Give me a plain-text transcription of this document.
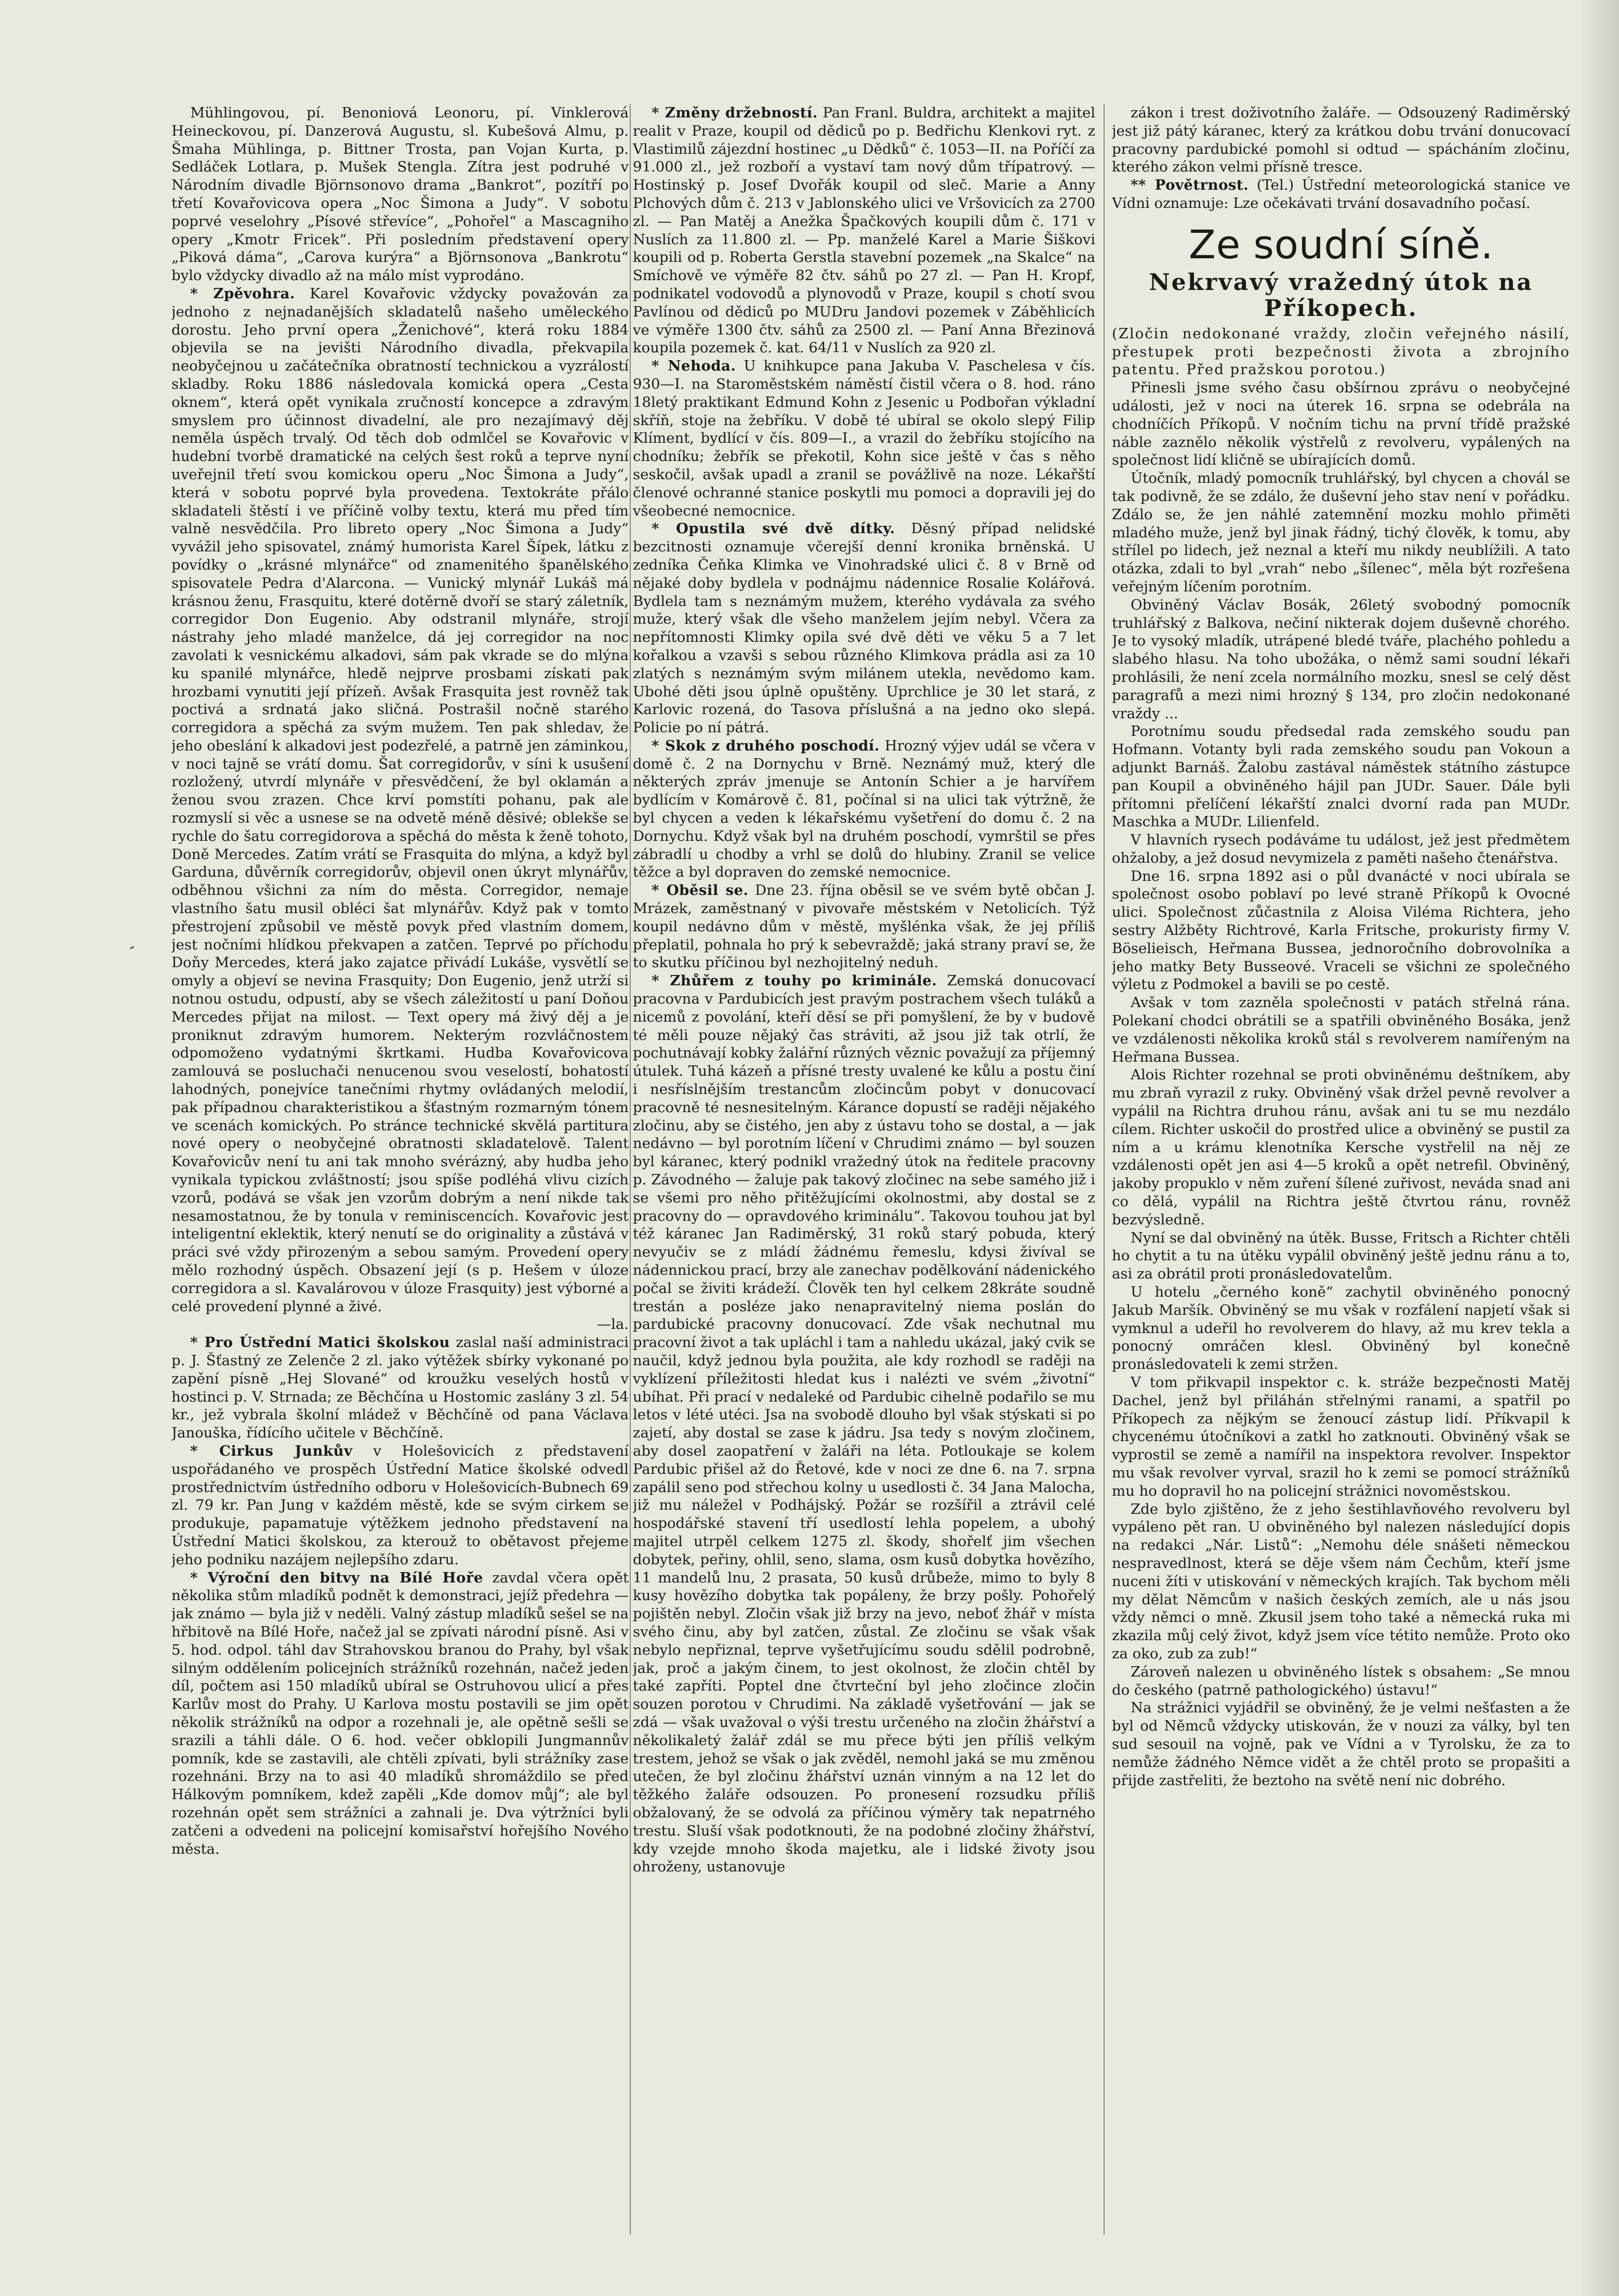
Mühlingovou, pí. Benoniová Leonoru, pí. Vinklerová Heineckovou, pí. Danzerová Augustu, sl. Kubešová Almu, p. Šmaha Mühlinga, p. Bittner Trosta, pan Vojan Kurta, p. Sedláček Lotlara, p. Mušek Stengla. Zítra jest podruhé v Národním divadle Björnsonovo drama „Bankrot“, pozítří po třetí Kovařovicova opera „Noc Šimona a Judy“. V sobotu poprvé veselohry „Písové střevíce“, „Pohořel“ a Mascagniho opery „Kmotr Fricek“. Při posledním představení opery „Piková dáma“, „Carova kurýra“ a Björnsonova „Bankrotu“ bylo vždycky divadlo až na málo míst vyprodáno.

* Zpěvohra. Karel Kovařovic vždycky považován za jednoho z nejnadanějších skladatelů našeho uměleckého dorostu. Jeho první opera „Ženichové“, která roku 1884 objevila se na jevišti Národního divadla, překvapila neobyčejnou u začátečníka obratností technickou a vyzrálostí skladby. Roku 1886 následovala komická opera „Cesta oknem“, která opět vynikala zručností koncepce a zdravým smyslem pro účinnost divadelní, ale pro nezajímavý děj neměla úspěch trvalý. Od těch dob odmlčel se Kovařovic v hudební tvorbě dramatické na celých šest roků a teprve nyní uveřejnil třetí svou komickou operu „Noc Šimona a Judy“, která v sobotu poprvé byla provedena. Textokráte přálo skladateli štěstí i ve příčině volby textu, která mu před tím valně nesvědčila. Pro libreto opery „Noc Šimona a Judy“ vyvážil jeho spisovatel, známý humorista Karel Šípek, látku z povídky o „krásné mlynářce“ od znamenitého španělského spisovatele Pedra d'Alarcona. — Vunický mlynář Lukáš má krásnou ženu, Frasquitu, které dotěrně dvoří se starý záletník, corregidor Don Eugenio. Aby odstranil mlynáře, strojí nástrahy jeho mladé manželce, dá jej corregidor na noc zavolati k vesnickému alkadovi, sám pak vkrade se do mlýna ku spanilé mlynářce, hledě nejprve prosbami získati pak hrozbami vynutiti její přízeň. Avšak Frasquita jest rovněž tak poctivá a srdnatá jako sličná. Postrašil nočně starého corregidora a spěchá za svým mužem. Ten pak shledav, že jeho obeslání k alkadovi jest podezřelé, a patrně jen záminkou, v noci tajně se vrátí domu. Šat corregidorův, v síni k usušení rozložený, utvrdí mlynáře v přesvědčení, že byl oklamán a ženou svou zrazen. Chce krví pomstíti pohanu, pak ale rozmyslí si věc a usnese se na odvetě méně děsivé; oblekše se rychle do šatu corregidorova a spěchá do města k ženě tohoto, Doně Mercedes. Zatím vrátí se Frasquita do mlýna, a když byl Garduna, důvěrník corregidorův, objevil onen úkryt mlynářův, odběhnou všichni za ním do města. Corregidor, nemaje vlastního šatu musil obléci šat mlynářův. Když pak v tomto přestrojení způsobil ve městě povyk před vlastním domem, jest nočními hlídkou překvapen a zatčen. Teprvé po příchodu Doňy Mercedes, která jako zajatce přivádí Lukáše, vysvětlí se omyly a objeví se nevina Frasquity; Don Eugenio, jenž utrží si notnou ostudu, odpustí, aby se všech záležitostí u paní Doňou Mercedes přijat na milost. — Text opery má živý děj a je proniknut zdravým humorem. Nekterým rozvláčnostem odpomoženo vydatnými škrtkami. Hudba Kovařovicova zamlouvá se posluchači nenucenou svou veselostí, bohatostí lahodných, ponejvíce tanečními rhytmy ovládaných melodií, pak případnou charakteristikou a šťastným rozmarným tónem ve scenách komických. Po stránce technické skvělá partitura nové opery o neobyčejné obratnosti skladatelově. Talent Kovařovicův není tu ani tak mnoho svérázný, aby hudba jeho vynikala typickou zvláštností; jsou spíše podléhá vlivu cizích vzorů, podává se však jen vzorům dobrým a není nikde tak nesamostatnou, že by tonula v reminiscencích. Kovařovic jest inteligentní eklektik, který nenutí se do originality a zůstává v práci své vždy přirozeným a sebou samým. Provedení opery mělo rozhodný úspěch. Obsazení její (s p. Hešem v úloze corregidora a sl. Kavalárovou v úloze Frasquity) jest výborné a celé provedení plynné a živé.

—la.

* Pro Ústřední Matici školskou zaslal naší administraci p. J. Šťastný ze Zelenče 2 zl. jako výtěžek sbírky vykonané po zapění písně „Hej Slované“ od kroužku veselých hostů v hostinci p. V. Strnada; ze Běchčína u Hostomic zaslány 3 zl. 54 kr., jež vybrala školní mládež v Běchčíně od pana Václava Janouška, řídícího učitele v Běchčíně.

* Cirkus Junkův v Holešovicích z představení uspořádaného ve prospěch Ústřední Matice školské odvedl prostřednictvím ústředního odboru v Holešovicích-Bubnech 69 zl. 79 kr. Pan Jung v každém městě, kde se svým cirkem se produkuje, papamatuje výtěžkem jednoho představení na Ústřední Matici školskou, za kterouž to obětavost přejeme jeho podniku nazájem nejlepšího zdaru.

* Výroční den bitvy na Bílé Hoře zavdal včera opět několika stům mladíků podnět k demonstraci, jejíž předehra — jak známo — byla již v neděli. Valný zástup mladíků sešel se na hřbitově na Bílé Hoře, načež jal se zpívati národní písně. Asi v 5. hod. odpol. táhl dav Strahovskou branou do Prahy, byl však silným oddělením policejních strážníků rozehnán, načež jeden díl, počtem asi 150 mladíků ubíral se Ostruhovou ulicí a přes Karlův most do Prahy. U Karlova mostu postavili se jim opět několik strážníků na odpor a rozehnali je, ale opětně sešli se srazili a táhli dále. O 6. hod. večer obklopili Jungmannův pomník, kde se zastavili, ale chtěli zpívati, byli strážníky zase rozehnáni. Brzy na to asi 40 mladíků shromáždilo se před Hálkovým pomníkem, kdež zapěli „Kde domov můj“; ale byl rozehnán opět sem strážníci a zahnali je. Dva výtržníci byli zatčeni a odvedeni na policejní komisařství hořejšího Nového města.

* Změny držebností. Pan Franl. Buldra, architekt a majitel realit v Praze, koupil od dědiců po p. Bedřichu Klenkovi ryt. z Vlastimilů zájezdní hostinec „u Dědků“ č. 1053—II. na Poříčí za 91.000 zl., jež rozboří a vystaví tam nový dům třípatrový. — Hostinský p. Josef Dvořák koupil od sleč. Marie a Anny Plchových dům č. 213 v Jablonského ulici ve Vršovicích za 2700 zl. — Pan Matěj a Anežka Špačkových koupili dům č. 171 v Nuslích za 11.800 zl. — Pp. manželé Karel a Marie Šiškovi koupili od p. Roberta Gerstla stavební pozemek „na Skalce“ na Smíchově ve výměře 82 čtv. sáhů po 27 zl. — Pan H. Kropf, podnikatel vodovodů a plynovodů v Praze, koupil s chotí svou Pavlínou od dědiců po MUDru Jandovi pozemek v Záběhlicích ve výměře 1300 čtv. sáhů za 2500 zl. — Paní Anna Březinová koupila pozemek č. kat. 64/11 v Nuslích za 920 zl.

* Nehoda. U knihkupce pana Jakuba V. Paschelesa v čís. 930—I. na Staroměstském náměstí čistil včera o 8. hod. ráno 18letý praktikant Edmund Kohn z Jesenic u Podbořan výkladní skříň, stoje na žebříku. V době té ubíral se okolo slepý Filip Klíment, bydlící v čís. 809—I., a vrazil do žebříku stojícího na chodníku; žebřík se překotil, Kohn sice ještě v čas s něho seskočil, avšak upadl a zranil se povážlivě na noze. Lékařští členové ochranné stanice poskytli mu pomoci a dopravili jej do všeobecné nemocnice.

* Opustila své dvě dítky. Děsný případ nelidské bezcitnosti oznamuje včerejší denní kronika brněnská. U zedníka Čeňka Klimka ve Vinohradské ulici č. 8 v Brně od nějaké doby bydlela v podnájmu nádennice Rosalie Kolářová. Bydlela tam s neznámým mužem, kterého vydávala za svého muže, který však dle všeho manželem jejím nebyl. Včera za nepřítomnosti Klimky opila své dvě děti ve věku 5 a 7 let kořalkou a vzavši s sebou různého Klimkova prádla asi za 10 zlatých s neznámým svým milánem utekla, nevědomo kam. Ubohé děti jsou úplně opuštěny. Uprchlice je 30 let stará, z Karlovic rozená, do Tasova příslušná a na jedno oko slepá. Policie po ní pátrá.

* Skok z druhého poschodí. Hrozný výjev udál se včera v domě č. 2 na Dornychu v Brně. Neznámý muž, který dle některých zpráv jmenuje se Antonín Schier a je harvířem bydlícím v Komárově č. 81, počínal si na ulici tak výtržně, že byl chycen a veden k lékařskému vyšetření do domu č. 2 na Dornychu. Když však byl na druhém poschodí, vymrštil se přes zábradlí u chodby a vrhl se dolů do hlubiny. Zranil se velice těžce a byl dopraven do zemské nemocnice.

* Oběsil se. Dne 23. října oběsil se ve svém bytě občan J. Mrázek, zaměstnaný v pivovaře městském v Netolicích. Týž koupil nedávno dům v městě, myšlénka však, že jej příliš přeplatil, pohnala ho prý k sebevraždě; jaká strany praví se, že to skutku příčinou byl nezhojitelný neduh.

* Zhůřem z touhy po kriminále. Zemská donucovací pracovna v Pardubicích jest pravým postrachem všech tuláků a nicemů z povolání, kteří děsí se při pomyšlení, že by v budově té měli pouze nějaký čas stráviti, až jsou již tak otrlí, že pochutnávají kobky žalářní různých věznic považují za příjemný útulek. Tuhá kázeň a přísné tresty uvalené ke kůlu a postu činí i nesříslnějším trestancům zločincům pobyt v donucovací pracovně té nesnesitelným. Kárance dopustí se raději nějakého zločinu, aby se čistého, jen aby z ústavu toho se dostal, a — jak nedávno — byl porotním líčení v Chrudimi známo — byl souzen byl káranec, který podnikl vražedný útok na ředitele pracovny p. Závodného — žaluje pak takový zločinec na sebe samého již i se všemi pro něho přitěžujícími okolnostmi, aby dostal se z pracovny do — opravdového kriminálu“. Takovou touhou jat byl též káranec Jan Radiměrský, 31 roků starý pobuda, který nevyučiv se z mládí žádnému řemeslu, kdysi živíval se nádennickou prací, brzy ale zanechav podělkování nádenického počal se živiti krádeží. Člověk ten hyl celkem 28kráte soudně trestán a posléze jako nenapravitelný niema poslán do pardubické pracovny donucovací. Zde však nechutnal mu pracovní život a tak upláchl i tam a nahledu ukázal, jaký cvik se naučil, když jednou byla použita, ale kdy rozhodl se raději na vyklízení příležitosti hledat kus i nalézti ve svém „životní“ ubíhat. Při prací v nedaleké od Pardubic cihelně podařilo se mu letos v lété utéci. Jsa na svobodě dlouho byl však stýskati si po zajetí, aby dostal se zase k jádru. Jsa tedy s novým zločinem, aby dosel zaopatření v žaláři na léta. Potloukaje se kolem Pardubic přišel až do Řetové, kde v noci ze dne 6. na 7. srpna zapálil seno pod střechou kolny u usedlosti č. 34 Jana Malocha, již mu náležel v Podhájský. Požár se rozšířil a ztrávil celé hospodářské stavení tří usedlostí lehla popelem, a ubohý majitel utrpěl celkem 1275 zl. škody, shořelť jim všechen dobytek, peřiny, ohlil, seno, slama, osm kusů dobytka hovězího, 11 mandelů lnu, 2 prasata, 50 kusů drůbeže, mimo to byly 8 kusy hovězího dobytka tak popáleny, že brzy pošly. Pohořelý pojištěn nebyl. Zločin však již brzy na jevo, neboť žhář v místa svého činu, aby byl zatčen, zůstal. Ze zločinu se však však nebylo nepřiznal, teprve vyšetřujícímu soudu sdělil podrobně, jak, proč a jakým činem, to jest okolnost, že zločin chtěl by také zapříti. Poptel dne čtvrteční byl jeho zločince zločin souzen porotou v Chrudimi. Na základě vyšetřování — jak se zdá — však uvažoval o výši trestu určeného na zločin žhářství a několikaletý žalář zdál se mu přece býti jen příliš velkým trestem, jehož se však o jak zvěděl, nemohl jaká se mu změnou utečen, že byl zločinu žhářství uznán vinným a na 12 let do těžkého žaláře odsouzen. Po pronesení rozsudku příliš obžalovaný, že se odvolá za příčinou výměry tak nepatrného trestu. Sluší však podotknouti, že na podobné zločiny žhářství, kdy vzejde mnoho škoda majetku, ale i lidské životy jsou ohroženy, ustanovuje

zákon i trest doživotního žaláře. — Odsouzený Radiměrský jest již pátý káranec, který za krátkou dobu trvání donucovací pracovny pardubické pomohl si odtud — spácháním zločinu, kterého zákon velmi přísně tresce.

** Povětrnost. (Tel.) Ústřední meteorologická stanice ve Vídni oznamuje: Lze očekávati trvání dosavadního počasí.

Ze soudní síně.

Nekrvavý vražedný útok na Příkopech.

(Zločin nedokonané vraždy, zločin veřejného násilí, přestupek proti bezpečnosti života a zbrojního patentu. Před pražskou porotou.)

Přinesli jsme svého času obšírnou zprávu o neobyčejné události, jež v noci na úterek 16. srpna se odebrála na chodníčích Příkopů. V nočním tichu na první třídě pražské náble zaznělo několik výstřelů z revolveru, vypálených na společnost lidí kličně se ubírajících domů.

Útočník, mladý pomocník truhlářský, byl chycen a chovál se tak podivně, že se zdálo, že duševní jeho stav není v pořádku. Zdálo se, že jen náhlé zatemnění mozku mohlo přiměti mladého muže, jenž byl jinak řádný, tichý člověk, k tomu, aby střílel po lidech, jež neznal a kteří mu nikdy neublížili. A tato otázka, zdali to byl „vrah“ nebo „šílenec“, měla být rozřešena veřejným líčením porotním.

Obviněný Václav Bosák, 26letý svobodný pomocník truhlářský z Balkova, nečiní nikterak dojem duševně chorého. Je to vysoký mladík, utrápené bledé tváře, plachého pohledu a slabého hlasu. Na toho ubožáka, o němž sami soudní lékaři prohlásili, že není zcela normálního mozku, snesl se celý děst paragrafů a mezi nimi hrozný § 134, pro zločin nedokonané vraždy ...

Porotnímu soudu předsedal rada zemského soudu pan Hofmann. Votanty byli rada zemského soudu pan Vokoun a adjunkt Barnáš. Žalobu zastával náměstek státního zástupce pan Koupil a obviněného hájil pan JUDr. Sauer. Dále byli přítomni přelíčení lékařští znalci dvorní rada pan MUDr. Maschka a MUDr. Lilienfeld.

V hlavních rysech podáváme tu událost, jež jest předmětem ohžaloby, a jež dosud nevymizela z paměti našeho čtenářstva.

Dne 16. srpna 1892 asi o půl dvanácté v noci ubírala se společnost osobo poblaví po levé straně Příkopů k Ovocné ulici. Společnost zůčastnila z Aloisa Viléma Richtera, jeho sestry Alžběty Richtrové, Karla Fritsche, prokuristy firmy V. Böselieisch, Heřmana Busseа, jednoročního dobrovolníka a jeho matky Bety Busseové. Vraceli se všichni ze společného výletu z Podmokel a bavili se po cestě.

Avšak v tom zazněla společnosti v patách střelná rána. Polekaní chodci obrátili se a spatřili obviněného Bosáka, jenž ve vzdálenosti několika kroků stál s revolverem namířeným na Heřmana Bussea.

Alois Richter rozehnal se proti obviněnému deštníkem, aby mu zbraň vyrazil z ruky. Obviněný však držel pevně revolver a vypálil na Richtra druhou ránu, avšak ani tu se mu nezdálo cílem. Richter uskočil do prostřed ulice a obviněný se pustil za ním a u krámu klenotníka Kersche vystřelil na něj ze vzdálenosti opět jen asi 4—5 kroků a opět netrefil. Obviněný, jakoby propuklo v něm zuření šílené zuřivost, neváda snad ani co dělá, vypálil na Richtra ještě čtvrtou ránu, rovněž bezvýsledně.

Nyní se dal obviněný na útěk. Busse, Fritsch a Richter chtěli ho chytit a tu na útěku vypálil obviněný ještě jednu ránu a to, asi za obrátil proti pronásledovatelům.

U hotelu „černého koně“ zachytil obviněného ponocný Jakub Maršík. Obviněný se mu však v rozfálení napjetí však si vymknul a udeřil ho revolverem do hlavy, až mu krev tekla a ponocný omráčen klesl. Obviněný byl konečně pronásledovateli k zemi stržen.

V tom přikvapil inspektor c. k. stráže bezpečnosti Matěj Dachel, jenž byl přiláhán střelnými ranami, a spatřil po Příkopech za nějkým se ženoucí zástup lidí. Příkvapil k chycenému útočníkovi a zatkl ho zatknouti. Obviněný však se vyprostil se země a namířil na inspektora revolver. Inspektor mu však revolver vyrval, srazil ho k zemi se pomocí strážníků mu ho dopravil ho na policejní strážnici novoměstskou.

Zde bylo zjištěno, že z jeho šestihlavňového revolveru byl vypáleno pět ran. U obviněného byl nalezen následující dopis na redakci „Nár. Listů“: „Nemohu déle snášeti německou nespravedlnost, která se děje všem nám Čechům, kteří jsme nuceni žíti v utiskování v německých krajích. Tak bychom měli my dělat Němcům v našich českých zemích, ale u nás jsou vždy němci o mně. Zkusil jsem toho také a německá ruka mi zkazila můj celý život, když jsem více tétito nemůže. Proto oko za oko, zub za zub!“

Zároveň nalezen u obviněného lístek s obsahem: „Se mnou do českého (patrně pathologického) ústavu!“

Na strážnici vyjádřil se obviněný, že je velmi nešťasten a že byl od Němců vždycky utiskován, že v nouzi za války, byl ten sud sesouil na vojně, pak ve Vídni a v Tyrolsku, že za to nemůže žádného Němce vidět a že chtěl proto se propašiti a přijde zastřeliti, že beztoho na světě není nic dobrého.
